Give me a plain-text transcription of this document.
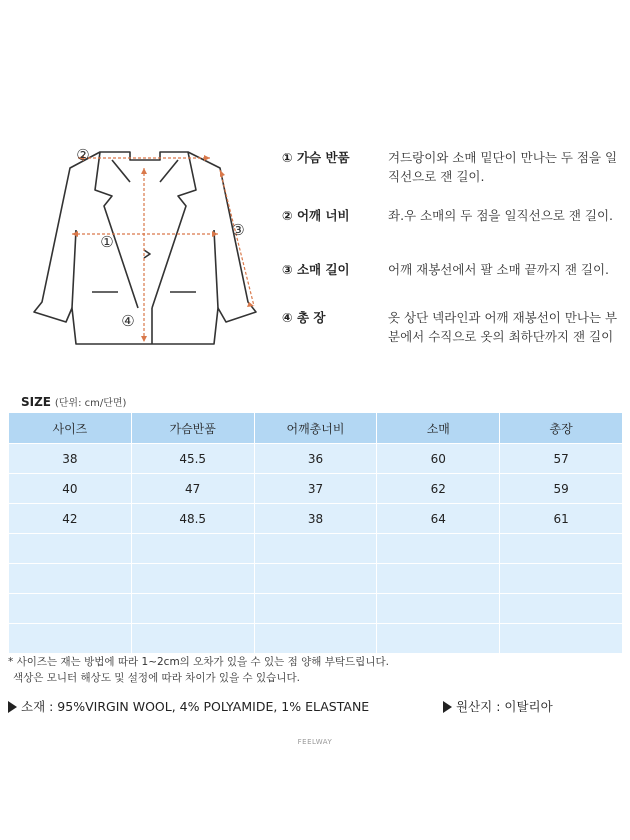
②
①
③
④
① 가슴 반품	겨드랑이와 소매 밑단이 만나는 두 점을 일직선으로 잰 길이.
② 어깨 너비	좌.우 소매의 두 점을 일직선으로 잰 길이.
③ 소매 길이	어깨 재봉선에서 팔 소매 끝까지 잰 길이.
④ 총 장	옷 상단 넥라인과 어깨 재봉선이 만나는 부분에서 수직으로 옷의 최하단까지 잰 길이
SIZE (단위: cm/단면)
사이즈	가슴반품	어깨총너비	소매	총장
38	45.5	36	60	57
40	47	37	62	59
42	48.5	38	64	61

* 사이즈는 재는 방법에 따라 1~2cm의 오차가 있을 수 있는 점 양해 부탁드립니다.
색상은 모니터 해상도 및 설정에 따라 차이가 있을 수 있습니다.
소재 : 95%VIRGIN WOOL, 4% POLYAMIDE, 1% ELASTANE	원산지 : 이탈리아
FEELWAY
